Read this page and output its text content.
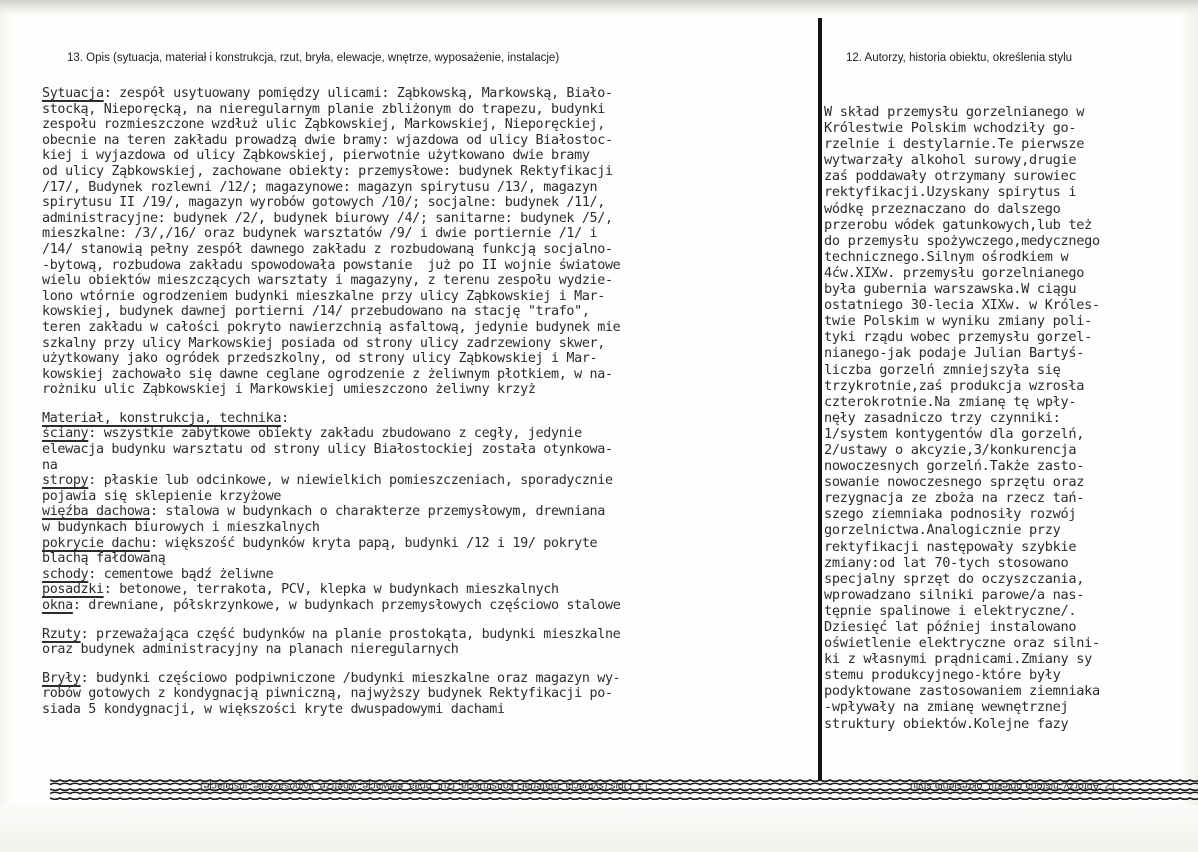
13. Opis (sytuacja, materiał i konstrukcja, rzut, bryła, elewacje, wnętrze, wyposażenie, instalacje)	12. Autorzy, historia obiektu, określenia stylu
Sytuacja: zespół usytuowany pomiędzy ulicami: Ząbkowską, Markowską, Biało-
stocką, Nieporęcką, na nieregularnym planie zbliżonym do trapezu, budynki
zespołu rozmieszczone wzdłuż ulic Ząbkowskiej, Markowskiej, Nieporęckiej,
obecnie na teren zakładu prowadzą dwie bramy: wjazdowa od ulicy Białostoc-
kiej i wyjazdowa od ulicy Ząbkowskiej, pierwotnie użytkowano dwie bramy
od ulicy Ząbkowskiej, zachowane obiekty: przemysłowe: budynek Rektyfikacji
/17/, Budynek rozlewni /12/; magazynowe: magazyn spirytusu /13/, magazyn
spirytusu II /19/, magazyn wyrobów gotowych /10/; socjalne: budynek /11/,
administracyjne: budynek /2/, budynek biurowy /4/; sanitarne: budynek /5/,
mieszkalne: /3/,/16/ oraz budynek warsztatów /9/ i dwie portiernie /1/ i
/14/ stanowią pełny zespół dawnego zakładu z rozbudowaną funkcją socjalno-
-bytową, rozbudowa zakładu spowodowała powstanie  już po II wojnie światowe
wielu obiektów mieszczących warsztaty i magazyny, z terenu zespołu wydzie-
lono wtórnie ogrodzeniem budynki mieszkalne przy ulicy Ząbkowskiej i Mar-
kowskiej, budynek dawnej portierni /14/ przebudowano na stację "trafo",
teren zakładu w całości pokryto nawierzchnią asfaltową, jedynie budynek mie
szkalny przy ulicy Markowskiej posiada od strony ulicy zadrzewiony skwer,
użytkowany jako ogródek przedszkolny, od strony ulicy Ząbkowskiej i Mar-
kowskiej zachowało się dawne ceglane ogrodzenie z żeliwnym płotkiem, w na-
rożniku ulic Ząbkowskiej i Markowskiej umieszczono żeliwny krzyż
Materiał, konstrukcja, technika:
ściany: wszystkie zabytkowe obiekty zakładu zbudowano z cegły, jedynie
elewacja budynku warsztatu od strony ulicy Białostockiej została otynkowa-
na
stropy: płaskie lub odcinkowe, w niewielkich pomieszczeniach, sporadycznie
pojawia się sklepienie krzyżowe
więźba dachowa: stalowa w budynkach o charakterze przemysłowym, drewniana
w budynkach biurowych i mieszkalnych
pokrycie dachu: większość budynków kryta papą, budynki /12 i 19/ pokryte
blachą fałdowaną
schody: cementowe bądź żeliwne
posadzki: betonowe, terrakota, PCV, klepka w budynkach mieszkalnych
okna: drewniane, półskrzynkowe, w budynkach przemysłowych częściowo stalowe
Rzuty: przeważająca część budynków na planie prostokąta, budynki mieszkalne
oraz budynek administracyjny na planach nieregularnych
Bryły: budynki częściowo podpiwniczone /budynki mieszkalne oraz magazyn wy-
robów gotowych z kondygnacją piwniczną, najwyższy budynek Rektyfikacji po-
siada 5 kondygnacji, w większości kryte dwuspadowymi dachami
W skład przemysłu gorzelnianego w
Królestwie Polskim wchodziły go-
rzelnie i destylarnie.Te pierwsze
wytwarzały alkohol surowy,drugie
zaś poddawały otrzymany surowiec
rektyfikacji.Uzyskany spirytus i
wódkę przeznaczano do dalszego
przerobu wódek gatunkowych,lub też
do przemysłu spożywczego,medycznego
technicznego.Silnym ośrodkiem w
4ćw.XIXw. przemysłu gorzelnianego
była gubernia warszawska.W ciągu
ostatniego 30-lecia XIXw. w Króles-
twie Polskim w wyniku zmiany poli-
tyki rządu wobec przemysłu gorzel-
nianego-jak podaje Julian Bartyś-
liczba gorzelń zmniejszyła się
trzykrotnie,zaś produkcja wzrosła
czterokrotnie.Na zmianę tę wpły-
nęły zasadniczo trzy czynniki:
1/system kontygentów dla gorzelń,
2/ustawy o akcyzie,3/konkurencja
nowoczesnych gorzelń.Także zasto-
sowanie nowoczesnego sprzętu oraz
rezygnacja ze zboża na rzecz tań-
szego ziemniaka podnosiły rozwój
gorzelnictwa.Analogicznie przy
rektyfikacji następowały szybkie
zmiany:od lat 70-tych stosowano
specjalny sprzęt do oczyszczania,
wprowadzano silniki parowe/a nas-
tępnie spalinowe i elektryczne/.
Dziesięć lat później instalowano
oświetlenie elektryczne oraz silni-
ki z własnymi prądnicami.Zmiany sy
stemu produkcyjnego-które były
podyktowane zastosowaniem ziemniaka
-wpływały na zmianę wewnętrznej
struktury obiektów.Kolejne fazy
13. Opis (sytuacja, materiał i konstrukcja, rzut, bryła, elewacje, wnętrze, wyposażenie, instalacje)	12. Autorzy, historia obiektu, określenia stylu
